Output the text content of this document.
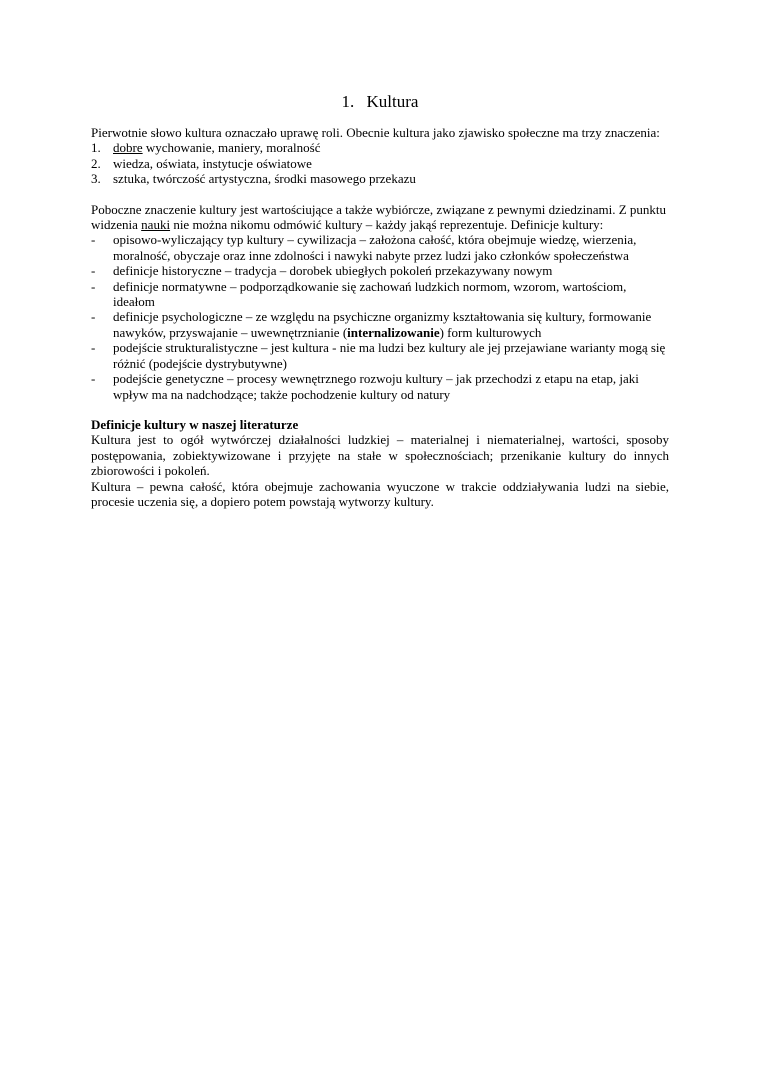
1. Kultura

Pierwotnie słowo kultura oznaczało uprawę roli. Obecnie kultura jako zjawisko społeczne ma trzy znaczenia:

1. dobre wychowanie, maniery, moralność
2. wiedza, oświata, instytucje oświatowe
3. sztuka, twórczość artystyczna, środki masowego przekazu

Poboczne znaczenie kultury jest wartościujące a także wybiórcze, związane z pewnymi dziedzinami. Z punktu widzenia nauki nie można nikomu odmówić kultury – każdy jakąś reprezentuje. Definicje kultury:

- opisowo-wyliczający typ kultury – cywilizacja – założona całość, która obejmuje wiedzę, wierzenia, moralność, obyczaje oraz inne zdolności i nawyki nabyte przez ludzi jako członków społeczeństwa
- definicje historyczne – tradycja – dorobek ubiegłych pokoleń przekazywany nowym
- definicje normatywne – podporządkowanie się zachowań ludzkich normom, wzorom, wartościom, ideałom
- definicje psychologiczne – ze względu na psychiczne organizmy kształtowania się kultury, formowanie nawyków, przyswajanie – uwewnętrznianie (internalizowanie) form kulturowych
- podejście strukturalistyczne – jest kultura - nie ma ludzi bez kultury ale jej przejawiane warianty mogą się różnić (podejście dystrybutywne)
- podejście genetyczne – procesy wewnętrznego rozwoju kultury – jak przechodzi z etapu na etap, jaki wpływ ma na nadchodzące; także pochodzenie kultury od natury

Definicje kultury w naszej literaturze

Kultura jest to ogół wytwórczej działalności ludzkiej – materialnej i niematerialnej, wartości, sposoby postępowania, zobiektywizowane i przyjęte na stałe w społecznościach; przenikanie kultury do innych zbiorowości i pokoleń.

Kultura – pewna całość, która obejmuje zachowania wyuczone w trakcie oddziaływania ludzi na siebie, procesie uczenia się, a dopiero potem powstają wytworzy kultury.
